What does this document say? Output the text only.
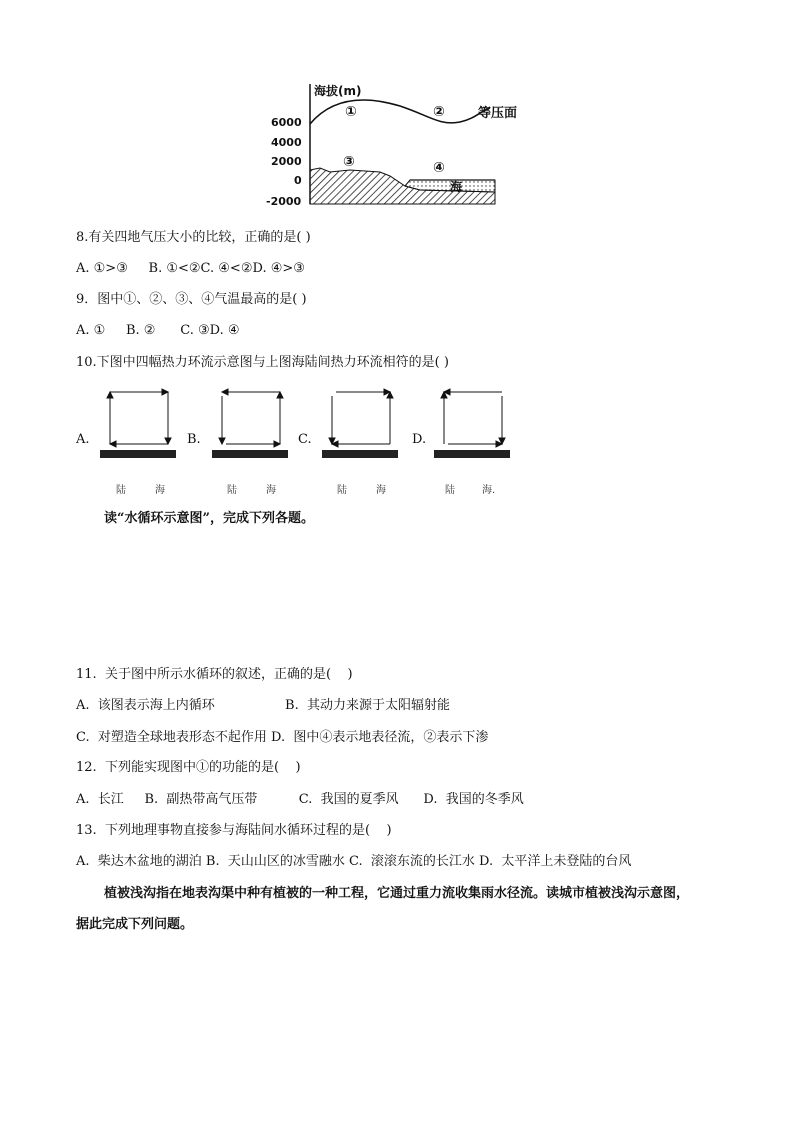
海拔(m)
6000
4000
2000
0
-2000
①	②	等压面
③	④
海
8.有关四地气压大小的比较，正确的是( )
A. ①>③     B. ①<②C. ④<②D. ④>③
9．图中①、②、③、④气温最高的是( )
A. ①     B. ②      C. ③D. ④
10.下图中四幅热力环流示意图与上图海陆间热力环流相符的是( )
A.
陆	海
B.
陆	海
C.
陆	海
D.
陆	海.
读“水循环示意图”，完成下列各题。
11.  关于图中所示水循环的叙述，正确的是(    )
A.  该图表示海上内循环                 B.  其动力来源于太阳辐射能
C.  对塑造全球地表形态不起作用 D.  图中④表示地表径流，②表示下渗
12.  下列能实现图中①的功能的是(    )
A.  长江     B.  副热带高气压带          C.  我国的夏季风      D.  我国的冬季风
13.  下列地理事物直接参与海陆间水循环过程的是(    )
A.  柴达木盆地的湖泊 B.  天山山区的冰雪融水 C.  滚滚东流的长江水 D.  太平洋上未登陆的台风
植被浅沟指在地表沟渠中种有植被的一种工程，它通过重力流收集雨水径流。读城市植被浅沟示意图，
据此完成下列问题。
